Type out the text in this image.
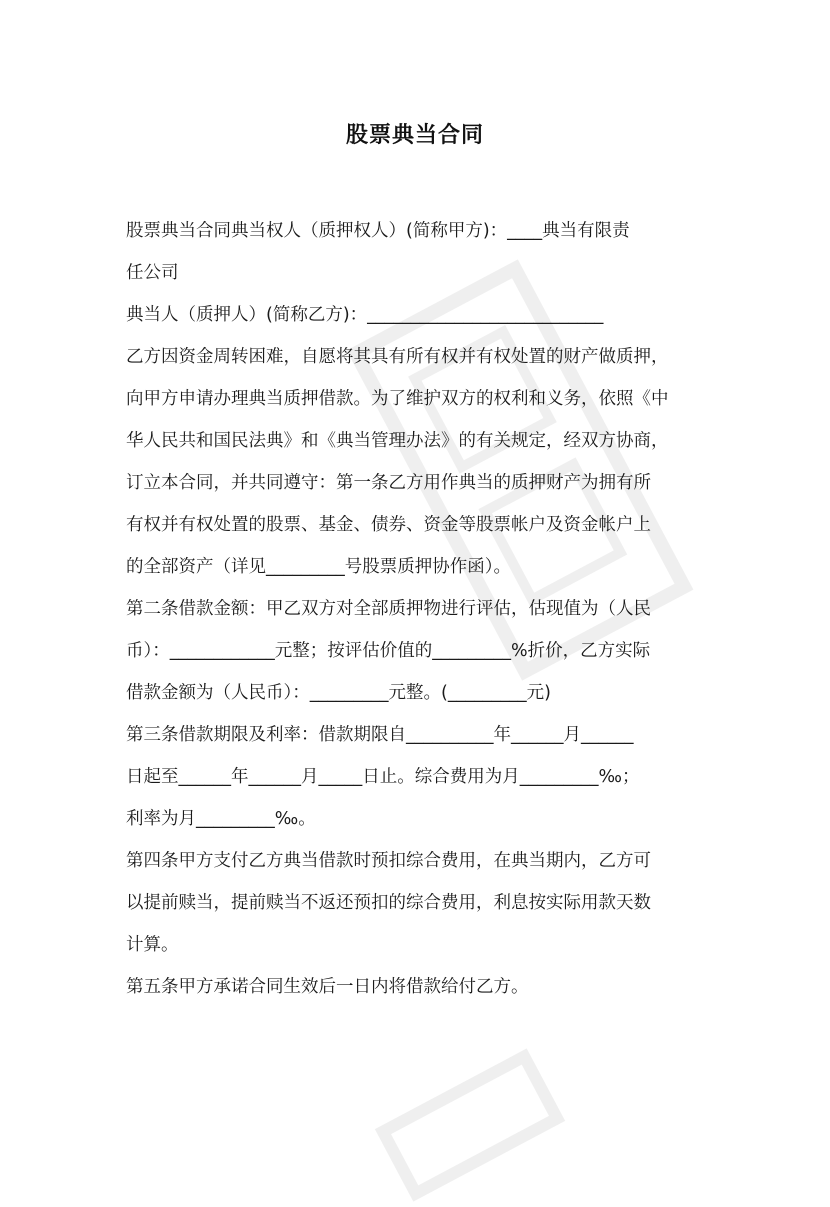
股票典当合同
股票典当合同典当权人（质押权人）(简称甲方)：____典当有限责
任公司
典当人（质押人）(简称乙方)：___________________________
乙方因资金周转困难，自愿将其具有所有权并有权处置的财产做质押，
向甲方申请办理典当质押借款。为了维护双方的权利和义务，依照《中
华人民共和国民法典》和《典当管理办法》的有关规定，经双方协商，
订立本合同，并共同遵守：第一条乙方用作典当的质押财产为拥有所
有权并有权处置的股票、基金、债券、资金等股票帐户及资金帐户上
的全部资产（详见_________号股票质押协作函）。
第二条借款金额：甲乙双方对全部质押物进行评估，估现值为（人民
币）：____________元整；按评估价值的_________%折价，乙方实际
借款金额为（人民币）：_________元整。(_________元)
第三条借款期限及利率：借款期限自__________年______月______
日起至______年______月_____日止。综合费用为月_________‰；
利率为月_________‰。
第四条甲方支付乙方典当借款时预扣综合费用，在典当期内，乙方可
以提前赎当，提前赎当不返还预扣的综合费用，利息按实际用款天数
计算。
第五条甲方承诺合同生效后一日内将借款给付乙方。
